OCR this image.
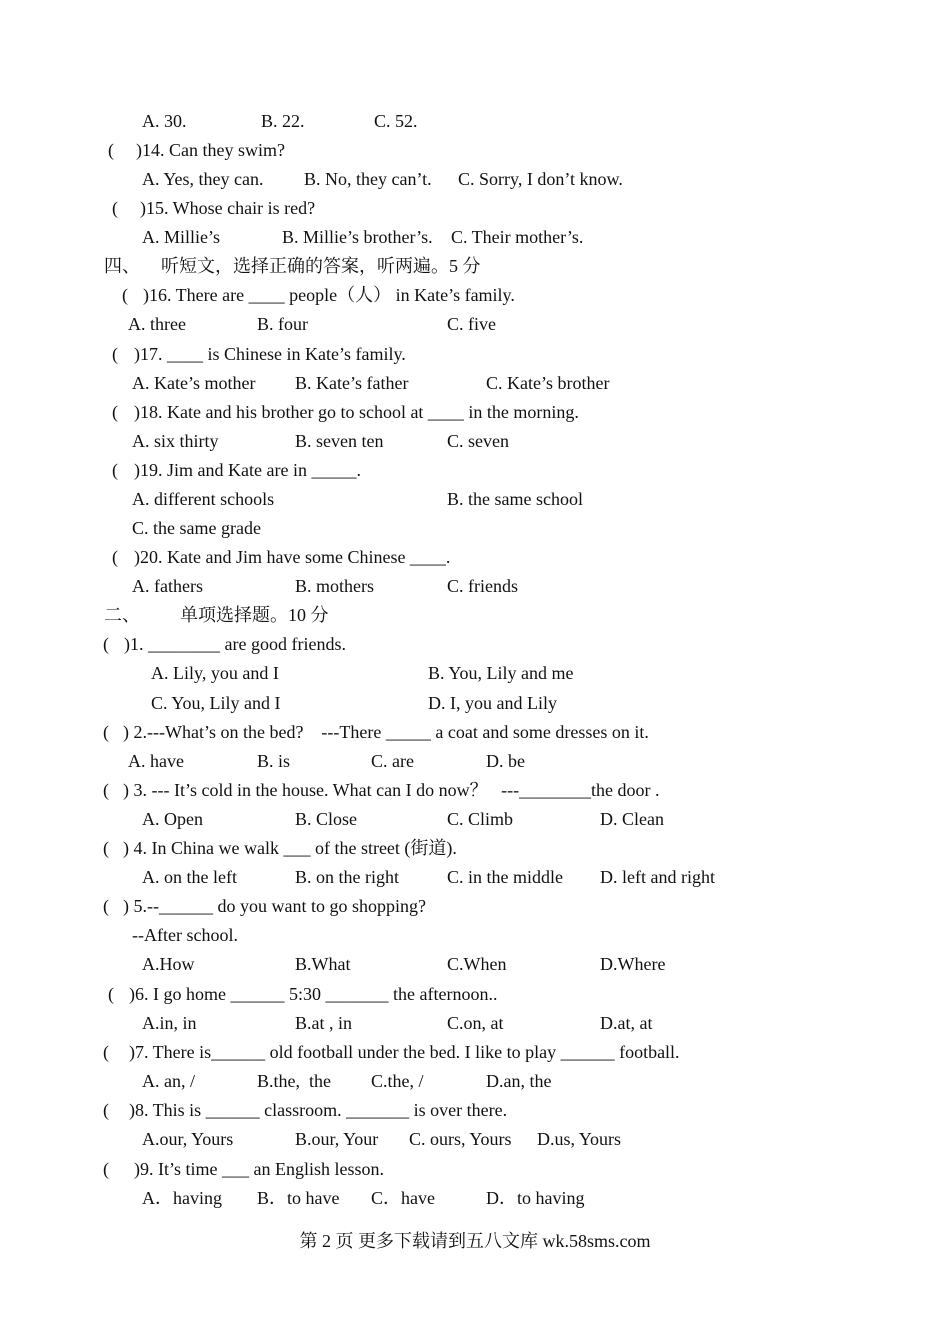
A. 30.	B. 22.	C. 52.
( )14. Can they swim?
A. Yes, they can. B. No, they can’t. C. Sorry, I don’t know.
( )15. Whose chair is red?
A. Millie’s	B. Millie’s brother’s. C. Their mother’s.
四、 听短文，选择正确的答案，听两遍。5 分
( )16. There are ____ people（人） in Kate’s family.
A. three	B. four	C. five
( )17. ____ is Chinese in Kate’s family.
A. Kate’s mother B. Kate’s father	C. Kate’s brother
( )18. Kate and his brother go to school at ____ in the morning.
A. six thirty	B. seven ten	C. seven
( )19. Jim and Kate are in _____.
A. different schools	B. the same school
C. the same grade
( )20. Kate and Jim have some Chinese ____.
A. fathers	B. mothers	C. friends
二、 单项选择题。10 分
( )1. ________ are good friends.
A. Lily, you and I	B. You, Lily and me
C. You, Lily and I	D. I, you and Lily
( ) 2.---What’s on the bed?    ---There _____ a coat and some dresses on it.
A. have	B. is	C. are	D. be
( ) 3. --- It’s cold in the house. What can I do now？   ---________the door .
A. Open	B. Close	C. Climb	D. Clean
( ) 4. In China we walk ___ of the street (街道).
A. on the left	B. on the right	C. in the middle D. left and right
( ) 5.--______ do you want to go shopping?
--After school.
A.How	B.What	C.When	D.Where
( )6. I go home ______ 5:30 _______ the afternoon..
A.in, in	B.at , in	C.on, at	D.at, at
( )7. There is______ old football under the bed. I like to play ______ football.
A. an, /	B.the,  the C.the, /	D.an, the
( )8. This is ______ classroom. _______ is over there.
A.our, Yours	B.our, Your C. ours, Yours D.us, Yours
( )9. It’s time ___ an English lesson.
A．having B．to have C．have	D．to having
第 2 页 更多下载请到五八文库 wk.58sms.com
